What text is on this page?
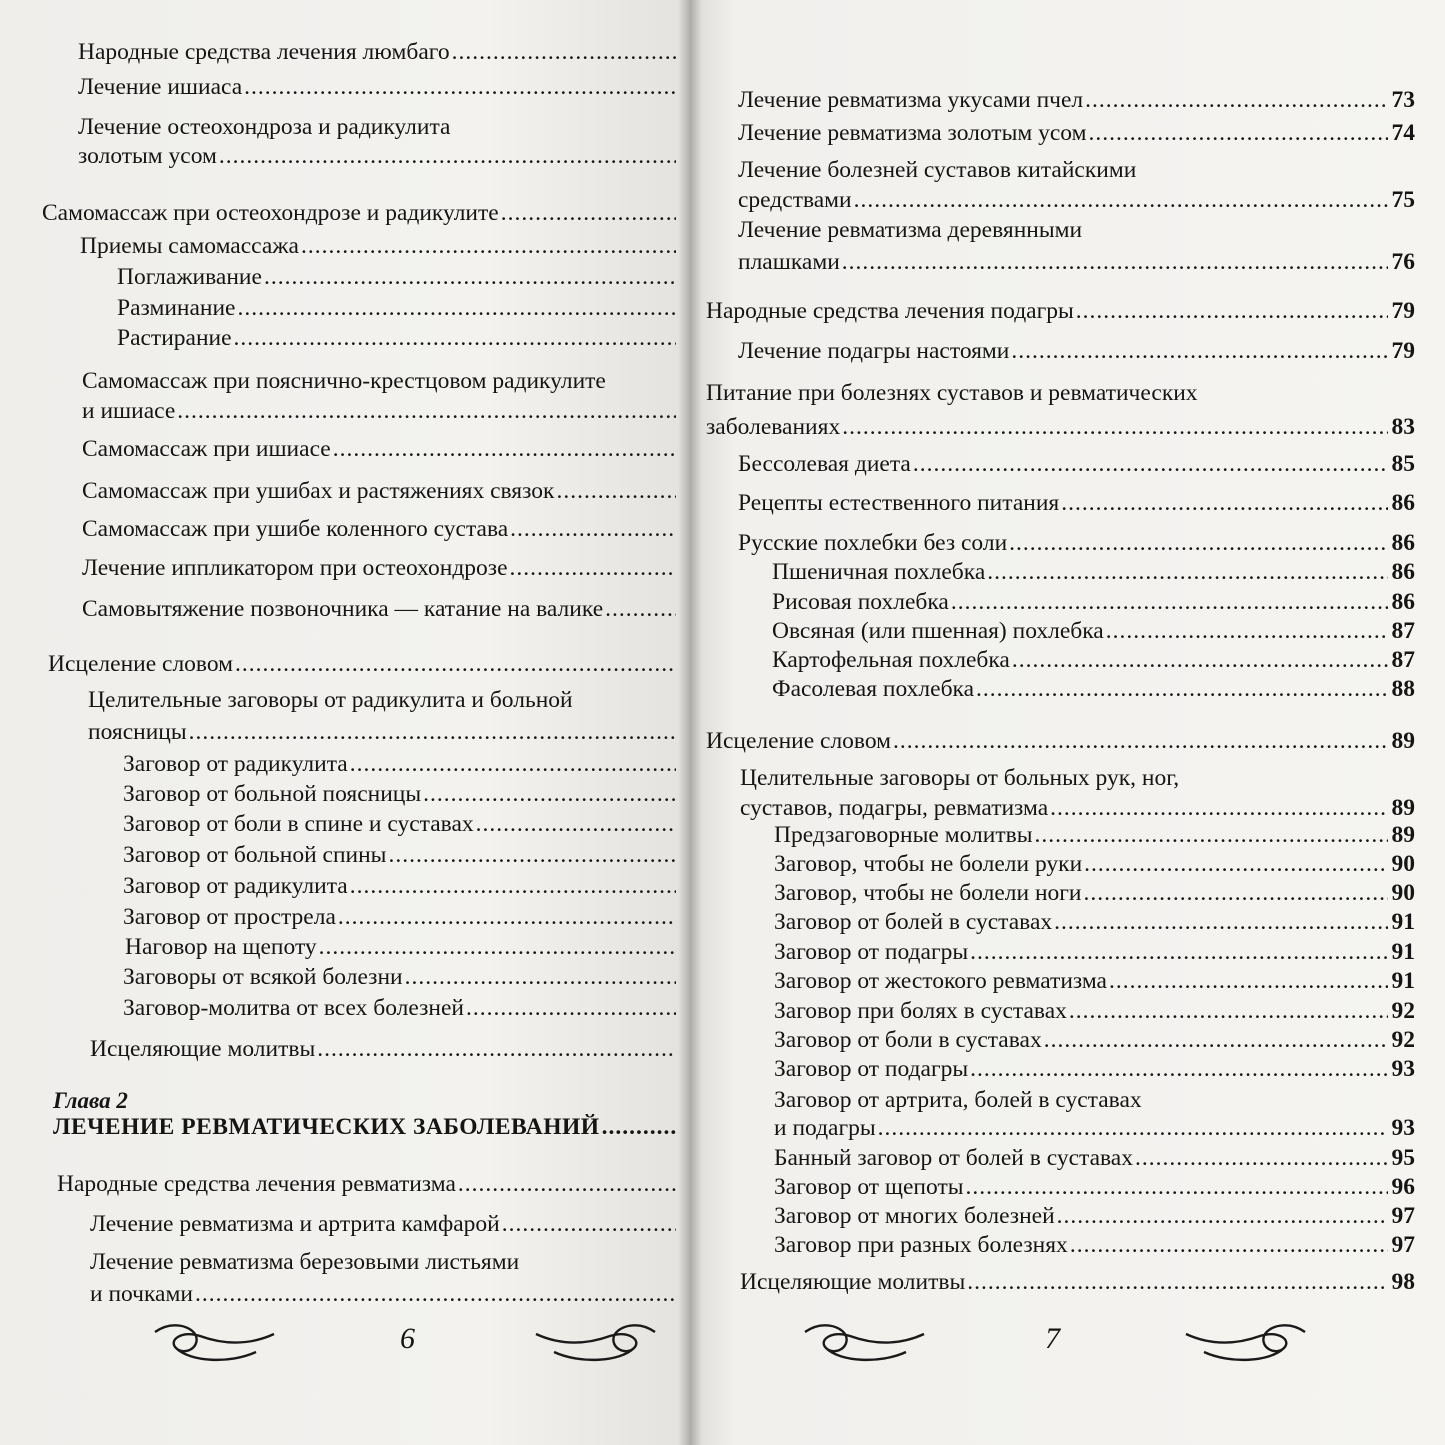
Народные средства лечения люмбаго
.....
Лечение ишиаса
.....
Лечение остеохондроза и радикулита
золотым усом
.....
Самомассаж при остеохондрозе и радикулите
.....
Приемы самомассажа
.....
Поглаживание
.....
Разминание
.....
Растирание
.....
Самомассаж при пояснично-крестцовом радикулите
и ишиасе
.....
Самомассаж при ишиасе
.....
Самомассаж при ушибах и растяжениях связок
.....
Самомассаж при ушибе коленного сустава
.....
Лечение иппликатором при остеохондрозе
.....
Самовытяжение позвоночника — катание на валике
.....
Исцеление словом
.....
Целительные заговоры от радикулита и больной
поясницы
.....
Заговор от радикулита
.....
Заговор от больной поясницы
.....
Заговор от боли в спине и суставах
.....
Заговор от больной спины
.....
Заговор от радикулита
.....
Заговор от прострела
.....
Наговор на щепоту
.....
Заговоры от всякой болезни
.....
Заговор-молитва от всех болезней
.....
Исцеляющие молитвы
.....
Глава 2
ЛЕЧЕНИЕ РЕВМАТИЧЕСКИХ ЗАБОЛЕВАНИЙ
.....
Народные средства лечения ревматизма
.....
Лечение ревматизма и артрита камфарой
.....
Лечение ревматизма березовыми листьями
и почками
.....
6
Лечение ревматизма укусами пчел .....	73
Лечение ревматизма золотым усом .....	74
Лечение болезней суставов китайскими
средствами .....	75
Лечение ревматизма деревянными
плашками .....	76
Народные средства лечения подагры .....	79
Лечение подагры настоями .....	79
Питание при болезнях суставов и ревматических
заболеваниях .....	83
Бессолевая диета .....	85
Рецепты естественного питания .....	86
Русские похлебки без соли .....	86
Пшеничная похлебка .....	86
Рисовая похлебка .....	86
Овсяная (или пшенная) похлебка .....	87
Картофельная похлебка .....	87
Фасолевая похлебка .....	88
Исцеление словом .....	89
Целительные заговоры от больных рук, ног,
суставов, подагры, ревматизма .....	89
Предзаговорные молитвы .....	89
Заговор, чтобы не болели руки .....	90
Заговор, чтобы не болели ноги .....	90
Заговор от болей в суставах .....	91
Заговор от подагры .....	91
Заговор от жестокого ревматизма .....	91
Заговор при болях в суставах .....	92
Заговор от боли в суставах .....	92
Заговор от подагры .....	93
Заговор от артрита, болей в суставах
и подагры .....	93
Банный заговор от болей в суставах .....	95
Заговор от щепоты .....	96
Заговор от многих болезней .....	97
Заговор при разных болезнях .....	97
Исцеляющие молитвы .....	98
7
